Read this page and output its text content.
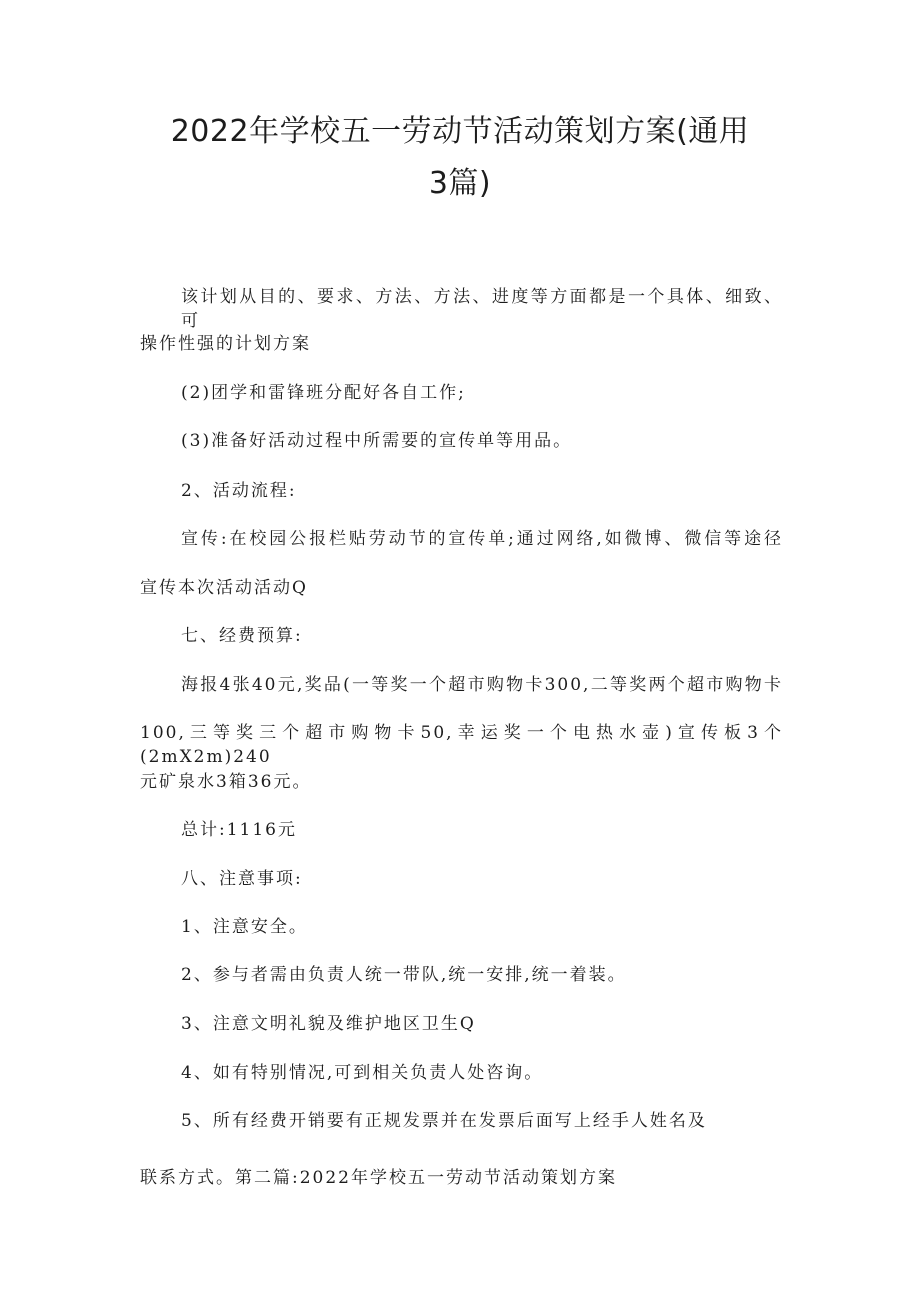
2022年学校五一劳动节活动策划方案(通用
3篇)
该计划从目的、要求、方法、方法、进度等方面都是一个具体、细致、可
操作性强的计划方案
(2)团学和雷锋班分配好各自工作;
(3)准备好活动过程中所需要的宣传单等用品。
2、活动流程:
宣传:在校园公报栏贴劳动节的宣传单;通过网络,如微博、微信等途径
宣传本次活动活动Q
七、经费预算:
海报4张40元,奖品(一等奖一个超市购物卡300,二等奖两个超市购物卡
100,三等奖三个超市购物卡50,幸运奖一个电热水壶)宣传板3个(2mX2m)240
元矿泉水3箱36元。
总计:1116元
八、注意事项:
1、注意安全。
2、参与者需由负责人统一带队,统一安排,统一着装。
3、注意文明礼貌及维护地区卫生Q
4、如有特别情况,可到相关负责人处咨询。
5、所有经费开销要有正规发票并在发票后面写上经手人姓名及
联系方式。第二篇:2022年学校五一劳动节活动策划方案
